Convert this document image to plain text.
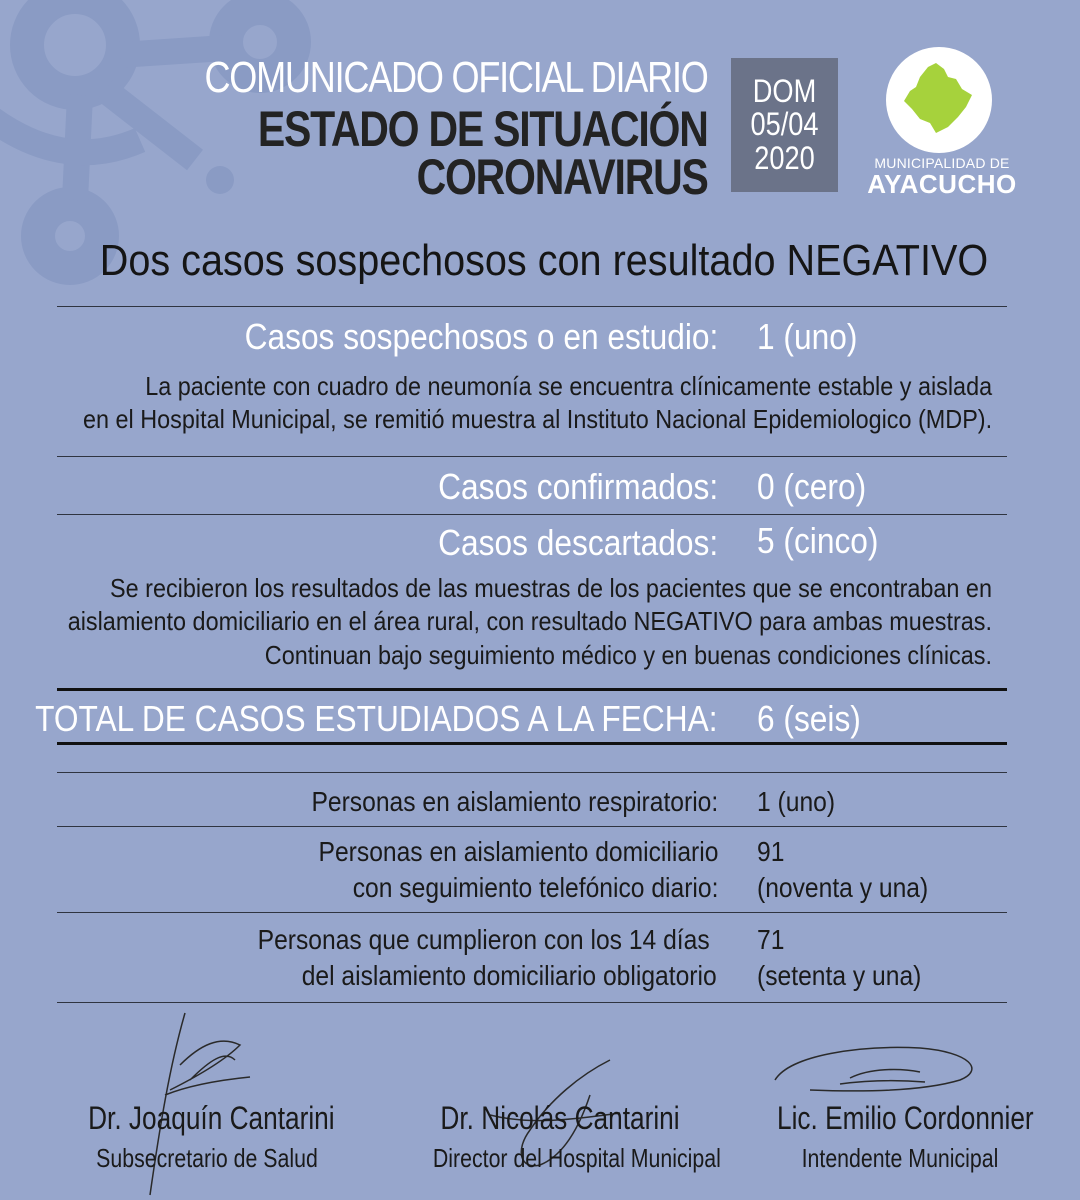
COMUNICADO OFICIAL DIARIO
ESTADO DE SITUACIÓN
CORONAVIRUS
DOM
05/04
2020	MUNICIPALIDAD DE
AYACUCHO
Dos casos sospechosos con resultado NEGATIVO
Casos sospechosos o en estudio: 1 (uno)
La paciente con cuadro de neumonía se encuentra clínicamente estable y aislada
en el Hospital Municipal, se remitió muestra al Instituto Nacional Epidemiologico (MDP).
Casos confirmados: 0 (cero)
Casos descartados: 5 (cinco)
Se recibieron los resultados de las muestras de los pacientes que se encontraban en
aislamiento domiciliario en el área rural, con resultado NEGATIVO para ambas muestras.
Continuan bajo seguimiento médico y en buenas condiciones clínicas.
TOTAL DE CASOS ESTUDIADOS A LA FECHA: 6 (seis)
Personas en aislamiento respiratorio: 1 (uno)
Personas en aislamiento domiciliario
con seguimiento telefónico diario:
91
(noventa y una)
Personas que cumplieron con los 14 días
del aislamiento domiciliario obligatorio
71
(setenta y una)
Dr. Joaquín Cantarini
Subsecretario de Salud
Dr. Nicolás Cantarini
Director del Hospital Municipal
Lic. Emilio Cordonnier
Intendente Municipal
